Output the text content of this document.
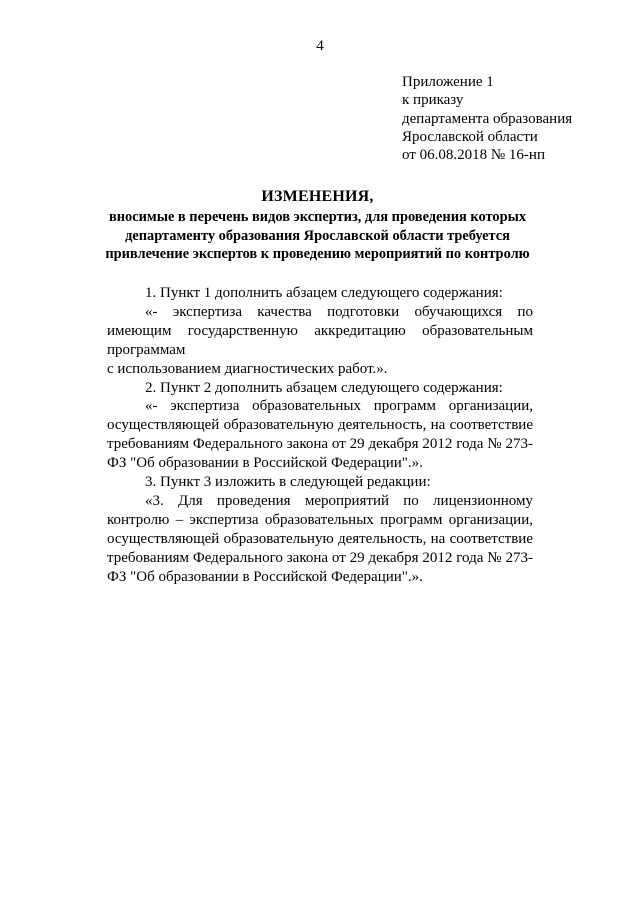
4
Приложение 1
к приказу
департамента образования
Ярославской области
от 06.08.2018 № 16-нп
ИЗМЕНЕНИЯ,
вносимые в перечень видов экспертиз, для проведения которых департаменту образования Ярославской области требуется привлечение экспертов к проведению мероприятий по контролю

1. Пункт 1 дополнить абзацем следующего содержания:

«- экспертиза качества подготовки обучающихся по имеющим государственную аккредитацию образовательным программам

с использованием диагностических работ.».

2. Пункт 2 дополнить абзацем следующего содержания:

«- экспертиза образовательных программ организации, осуществляющей образовательную деятельность, на соответствие требованиям Федерального закона от 29 декабря 2012 года № 273-ФЗ "Об образовании в Российской Федерации".».

3. Пункт 3 изложить в следующей редакции:

«3. Для проведения мероприятий по лицензионному контролю – экспертиза образовательных программ организации, осуществляющей образовательную деятельность, на соответствие требованиям Федерального закона от 29 декабря 2012 года № 273-ФЗ "Об образовании в Российской Федерации".».
